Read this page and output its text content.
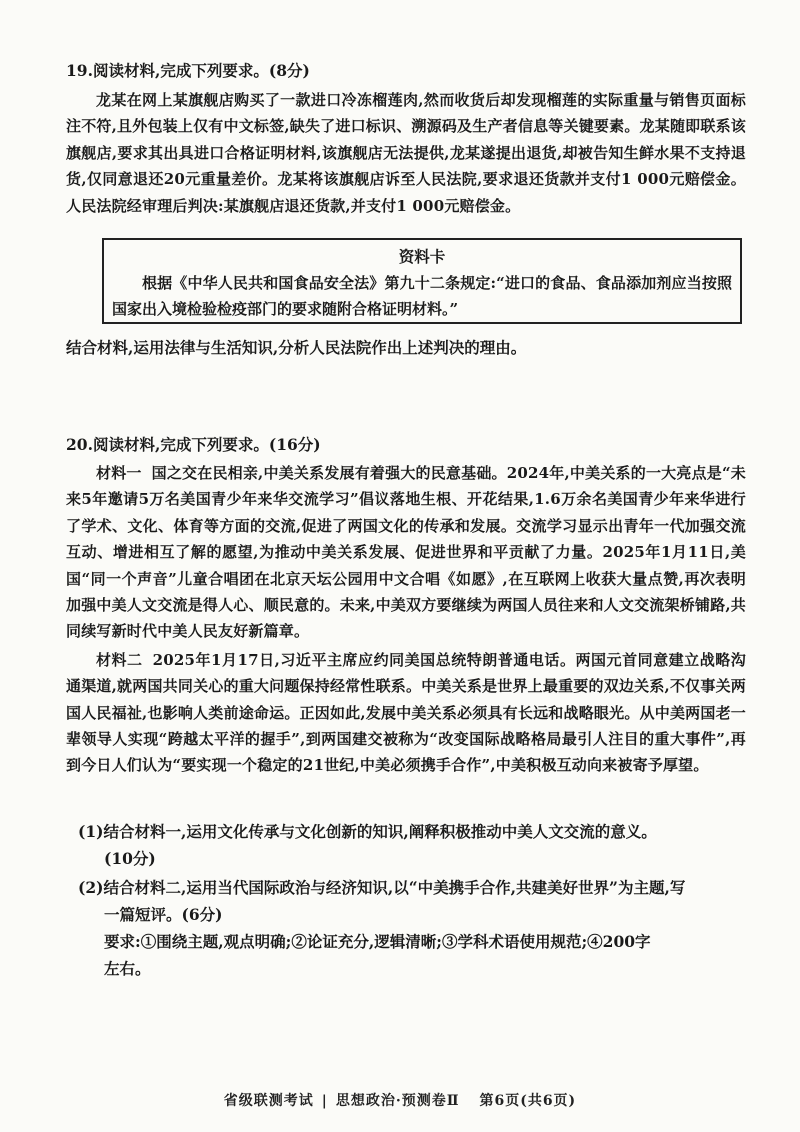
19.阅读材料,完成下列要求。(8分)
龙某在网上某旗舰店购买了一款进口冷冻榴莲肉,然而收货后却发现榴莲的实际重量与销售页面标注不符,且外包装上仅有中文标签,缺失了进口标识、溯源码及生产者信息等关键要素。龙某随即联系该旗舰店,要求其出具进口合格证明材料,该旗舰店无法提供,龙某遂提出退货,却被告知生鲜水果不支持退货,仅同意退还20元重量差价。龙某将该旗舰店诉至人民法院,要求退还货款并支付1 000元赔偿金。人民法院经审理后判决:某旗舰店退还货款,并支付1 000元赔偿金。
资料卡
根据《中华人民共和国食品安全法》第九十二条规定:“进口的食品、食品添加剂应当按照国家出入境检验检疫部门的要求随附合格证明材料。”
结合材料,运用法律与生活知识,分析人民法院作出上述判决的理由。
20.阅读材料,完成下列要求。(16分)
材料一 国之交在民相亲,中美关系发展有着强大的民意基础。2024年,中美关系的一大亮点是“未来5年邀请5万名美国青少年来华交流学习”倡议落地生根、开花结果,1.6万余名美国青少年来华进行了学术、文化、体育等方面的交流,促进了两国文化的传承和发展。交流学习显示出青年一代加强交流互动、增进相互了解的愿望,为推动中美关系发展、促进世界和平贡献了力量。2025年1月11日,美国“同一个声音”儿童合唱团在北京天坛公园用中文合唱《如愿》,在互联网上收获大量点赞,再次表明加强中美人文交流是得人心、顺民意的。未来,中美双方要继续为两国人员往来和人文交流架桥铺路,共同续写新时代中美人民友好新篇章。
材料二 2025年1月17日,习近平主席应约同美国总统特朗普通电话。两国元首同意建立战略沟通渠道,就两国共同关心的重大问题保持经常性联系。中美关系是世界上最重要的双边关系,不仅事关两国人民福祉,也影响人类前途命运。正因如此,发展中美关系必须具有长远和战略眼光。从中美两国老一辈领导人实现“跨越太平洋的握手”,到两国建交被称为“改变国际战略格局最引人注目的重大事件”,再到今日人们认为“要实现一个稳定的21世纪,中美必须携手合作”,中美积极互动向来被寄予厚望。
(1)结合材料一,运用文化传承与文化创新的知识,阐释积极推动中美人文交流的意义。
(10分)
(2)结合材料二,运用当代国际政治与经济知识,以“中美携手合作,共建美好世界”为主题,写
一篇短评。(6分)
要求:①围绕主题,观点明确;②论证充分,逻辑清晰;③学科术语使用规范;④200字
左右。
省级联测考试 | 思想政治·预测卷Ⅱ 第6页(共6页)
